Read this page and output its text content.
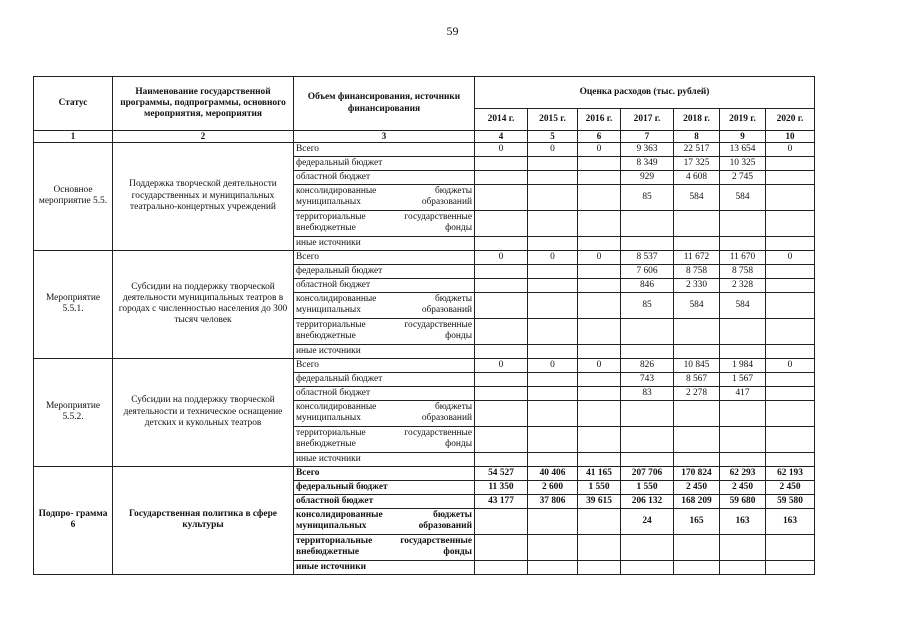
59
Статус	Наименование государственной программы, подпрограммы, основного мероприятия, мероприятия	Объем финансирования, источники финансирования	Оценка расходов (тыс. рублей)						
			2014 г.	2015 г.	2016 г.	2017 г.	2018 г.	2019 г.	2020 г.
1	2	3	4	5	6	7	8	9	10
Основное мероприятие 5.5.	Поддержка творческой деятельности государственных и муниципальных театрально-концертных учреждений	Всего	0	0	0	9 363	22 517	13 654	0
		федеральный бюджет				8 349	17 325	10 325	
		областной бюджет				929	4 608	2 745	
		консолидированные бюджеты муниципальных образований				85	584	584	
		территориальные государственные внебюджетные фонды							
		иные источники							
Мероприятие 5.5.1.	Субсидии на поддержку творческой деятельности муниципальных театров в городах с численностью населения до 300 тысяч человек	Всего	0	0	0	8 537	11 672	11 670	0
		федеральный бюджет				7 606	8 758	8 758	
		областной бюджет				846	2 330	2 328	
		консолидированные бюджеты муниципальных образований				85	584	584	
		территориальные государственные внебюджетные фонды							
		иные источники							
Мероприятие 5.5.2.	Субсидии на поддержку творческой деятельности и техническое оснащение детских и кукольных театров	Всего	0	0	0	826	10 845	1 984	0
		федеральный бюджет				743	8 567	1 567	
		областной бюджет				83	2 278	417	
		консолидированные бюджеты муниципальных образований							
		территориальные государственные внебюджетные фонды							
		иные источники							
Подпро- грамма 6	Государственная политика в сфере культуры	Всего	54 527	40 406	41 165	207 706	170 824	62 293	62 193
		федеральный бюджет	11 350	2 600	1 550	1 550	2 450	2 450	2 450
		областной бюджет	43 177	37 806	39 615	206 132	168 209	59 680	59 580
		консолидированные бюджеты муниципальных образований				24	165	163	163
		территориальные государственные внебюджетные фонды							
		иные источники							
